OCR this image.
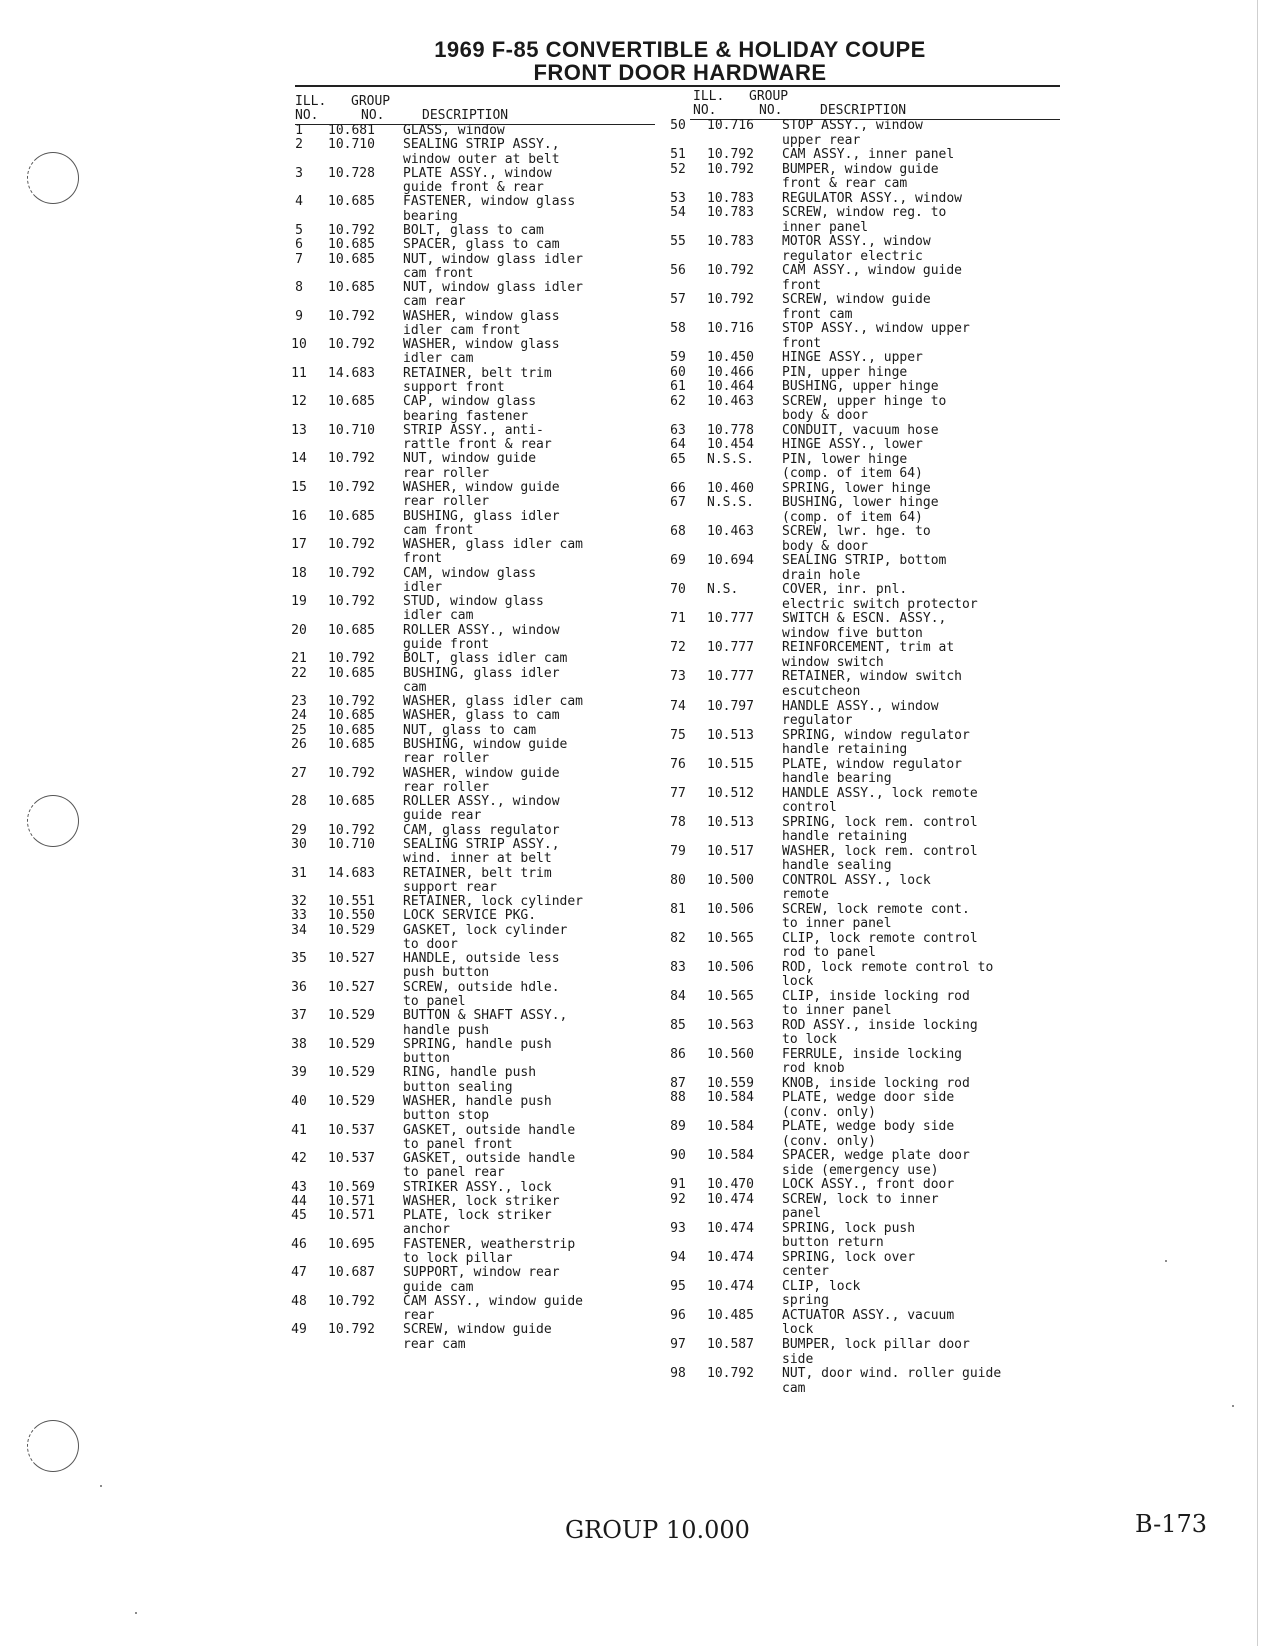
1969 F-85 CONVERTIBLE & HOLIDAY COUPE
FRONT DOOR HARDWARE

ILL.

NO.

GROUP

NO.

	DESCRIPTION

ILL.

NO.

GROUP

NO.

	DESCRIPTION

1	10.681 GLASS, window
2	10.710 SEALING STRIP ASSY.,
window outer at belt
3	10.728 PLATE ASSY., window
guide front & rear
4	10.685 FASTENER, window glass
bearing
5	10.792 BOLT, glass to cam
6	10.685 SPACER, glass to cam
7	10.685 NUT, window glass idler
cam front
8	10.685 NUT, window glass idler
cam rear
9	10.792 WASHER, window glass
idler cam front
10	10.792 WASHER, window glass
idler cam
11	14.683 RETAINER, belt trim
support front
12	10.685 CAP, window glass
bearing fastener
13	10.710 STRIP ASSY., anti-
rattle front & rear
14	10.792 NUT, window guide
rear roller
15	10.792 WASHER, window guide
rear roller
16	10.685 BUSHING, glass idler
cam front
17	10.792 WASHER, glass idler cam
front
18	10.792 CAM, window glass
idler
19	10.792 STUD, window glass
idler cam
20	10.685 ROLLER ASSY., window
guide front
21	10.792 BOLT, glass idler cam
22	10.685 BUSHING, glass idler
cam
23	10.792 WASHER, glass idler cam
24	10.685 WASHER, glass to cam
25	10.685 NUT, glass to cam
26	10.685 BUSHING, window guide
rear roller
27	10.792 WASHER, window guide
rear roller
28	10.685 ROLLER ASSY., window
guide rear
29	10.792 CAM, glass regulator
30	10.710 SEALING STRIP ASSY.,
wind. inner at belt
31	14.683 RETAINER, belt trim
support rear
32	10.551 RETAINER, lock cylinder
33	10.550 LOCK SERVICE PKG.
34	10.529 GASKET, lock cylinder
to door
35	10.527 HANDLE, outside less
push button
36	10.527 SCREW, outside hdle.
to panel
37	10.529 BUTTON & SHAFT ASSY.,
handle push
38	10.529 SPRING, handle push
button
39	10.529 RING, handle push
button sealing
40	10.529 WASHER, handle push
button stop
41	10.537 GASKET, outside handle
to panel front
42	10.537 GASKET, outside handle
to panel rear
43	10.569 STRIKER ASSY., lock
44	10.571 WASHER, lock striker
45	10.571 PLATE, lock striker
anchor
46	10.695 FASTENER, weatherstrip
to lock pillar
47	10.687 SUPPORT, window rear
guide cam
48	10.792 CAM ASSY., window guide
rear
49	10.792 SCREW, window guide
rear cam
50	10.716 STOP ASSY., window
upper rear
51	10.792 CAM ASSY., inner panel
52	10.792 BUMPER, window guide
front & rear cam
53	10.783 REGULATOR ASSY., window
54	10.783 SCREW, window reg. to
inner panel
55	10.783 MOTOR ASSY., window
regulator electric
56	10.792 CAM ASSY., window guide
front
57	10.792 SCREW, window guide
front cam
58	10.716 STOP ASSY., window upper
front
59	10.450 HINGE ASSY., upper
60	10.466 PIN, upper hinge
61	10.464 BUSHING, upper hinge
62	10.463 SCREW, upper hinge to
body & door
63	10.778 CONDUIT, vacuum hose
64	10.454 HINGE ASSY., lower
65	N.S.S. PIN, lower hinge
(comp. of item 64)
66	10.460 SPRING, lower hinge
67	N.S.S. BUSHING, lower hinge
(comp. of item 64)
68	10.463 SCREW, lwr. hge. to
body & door
69	10.694 SEALING STRIP, bottom
drain hole
70	N.S.	COVER, inr. pnl.
electric switch protector
71	10.777 SWITCH & ESCN. ASSY.,
window five button
72	10.777 REINFORCEMENT, trim at
window switch
73	10.777 RETAINER, window switch
escutcheon
74	10.797 HANDLE ASSY., window
regulator
75	10.513 SPRING, window regulator
handle retaining
76	10.515 PLATE, window regulator
handle bearing
77	10.512 HANDLE ASSY., lock remote
control
78	10.513 SPRING, lock rem. control
handle retaining
79	10.517 WASHER, lock rem. control
handle sealing
80	10.500 CONTROL ASSY., lock
remote
81	10.506 SCREW, lock remote cont.
to inner panel
82	10.565 CLIP, lock remote control
rod to panel
83	10.506 ROD, lock remote control to
lock
84	10.565 CLIP, inside locking rod
to inner panel
85	10.563 ROD ASSY., inside locking
to lock
86	10.560 FERRULE, inside locking
rod knob
87	10.559 KNOB, inside locking rod
88	10.584 PLATE, wedge door side
(conv. only)
89	10.584 PLATE, wedge body side
(conv. only)
90	10.584 SPACER, wedge plate door
side (emergency use)
91	10.470 LOCK ASSY., front door
92	10.474 SCREW, lock to inner
panel
93	10.474 SPRING, lock push
button return
94	10.474 SPRING, lock over
center
95	10.474 CLIP, lock
spring
96	10.485 ACTUATOR ASSY., vacuum
lock
97	10.587 BUMPER, lock pillar door
side
98	10.792 NUT, door wind. roller guide
cam
GROUP 10.000	B-173
